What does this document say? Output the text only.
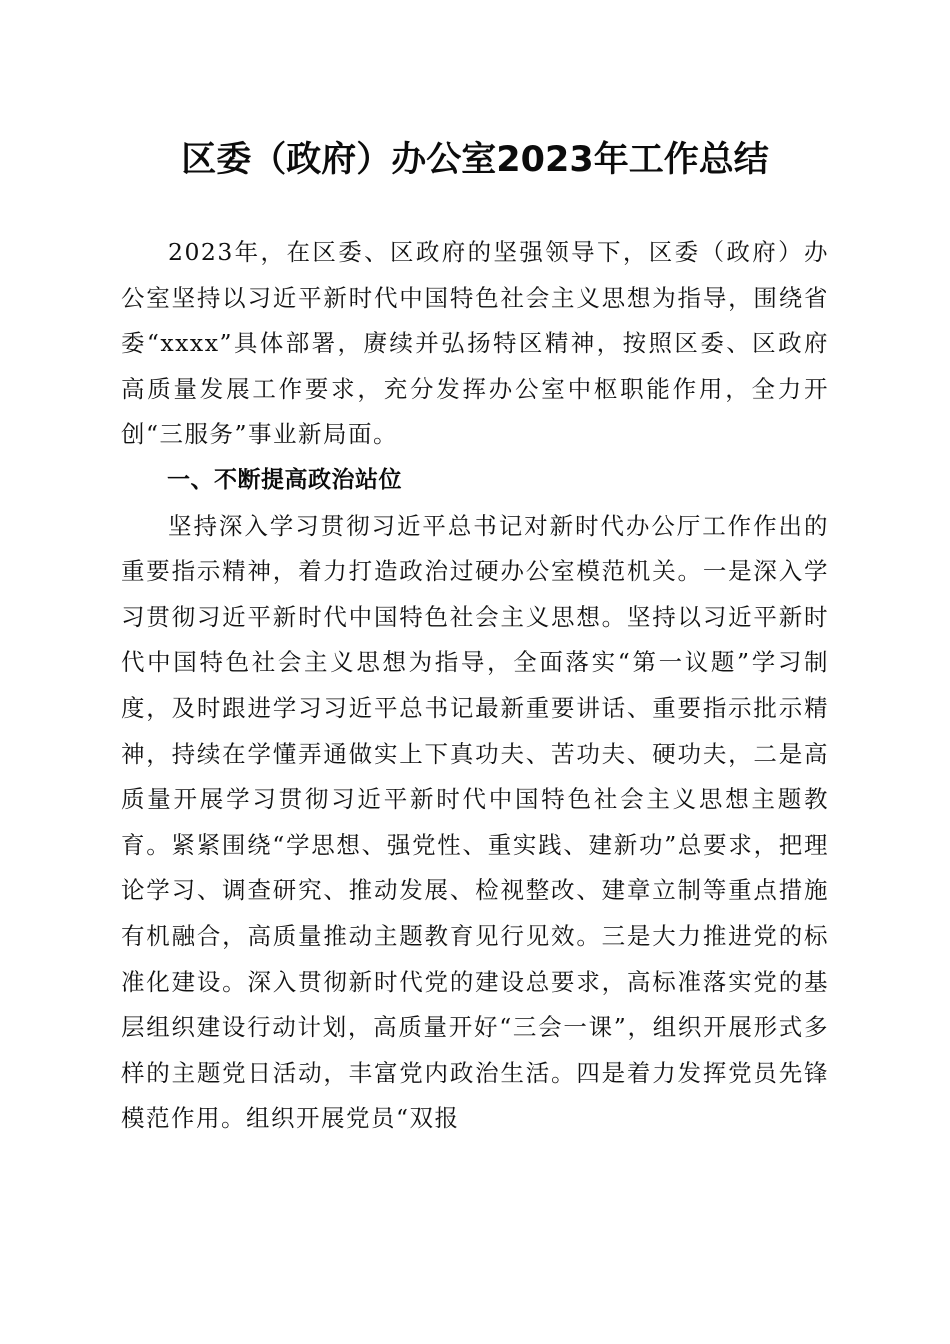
区委（政府）办公室2023年工作总结

2023年，在区委、区政府的坚强领导下，区委（政府）办公室坚持以习近平新时代中国特色社会主义思想为指导，围绕省委“xxxx”具体部署，赓续并弘扬特区精神，按照区委、区政府高质量发展工作要求，充分发挥办公室中枢职能作用，全力开创“三服务”事业新局面。

一、不断提高政治站位

坚持深入学习贯彻习近平总书记对新时代办公厅工作作出的重要指示精神，着力打造政治过硬办公室模范机关。一是深入学习贯彻习近平新时代中国特色社会主义思想。坚持以习近平新时代中国特色社会主义思想为指导，全面落实“第一议题”学习制度，及时跟进学习习近平总书记最新重要讲话、重要指示批示精神，持续在学懂弄通做实上下真功夫、苦功夫、硬功夫，二是高质量开展学习贯彻习近平新时代中国特色社会主义思想主题教育。紧紧围绕“学思想、强党性、重实践、建新功”总要求，把理论学习、调查研究、推动发展、检视整改、建章立制等重点措施有机融合，高质量推动主题教育见行见效。三是大力推进党的标准化建设。深入贯彻新时代党的建设总要求，高标准落实党的基层组织建设行动计划，高质量开好“三会一课”，组织开展形式多样的主题党日活动，丰富党内政治生活。四是着力发挥党员先锋模范作用。组织开展党员“双报
